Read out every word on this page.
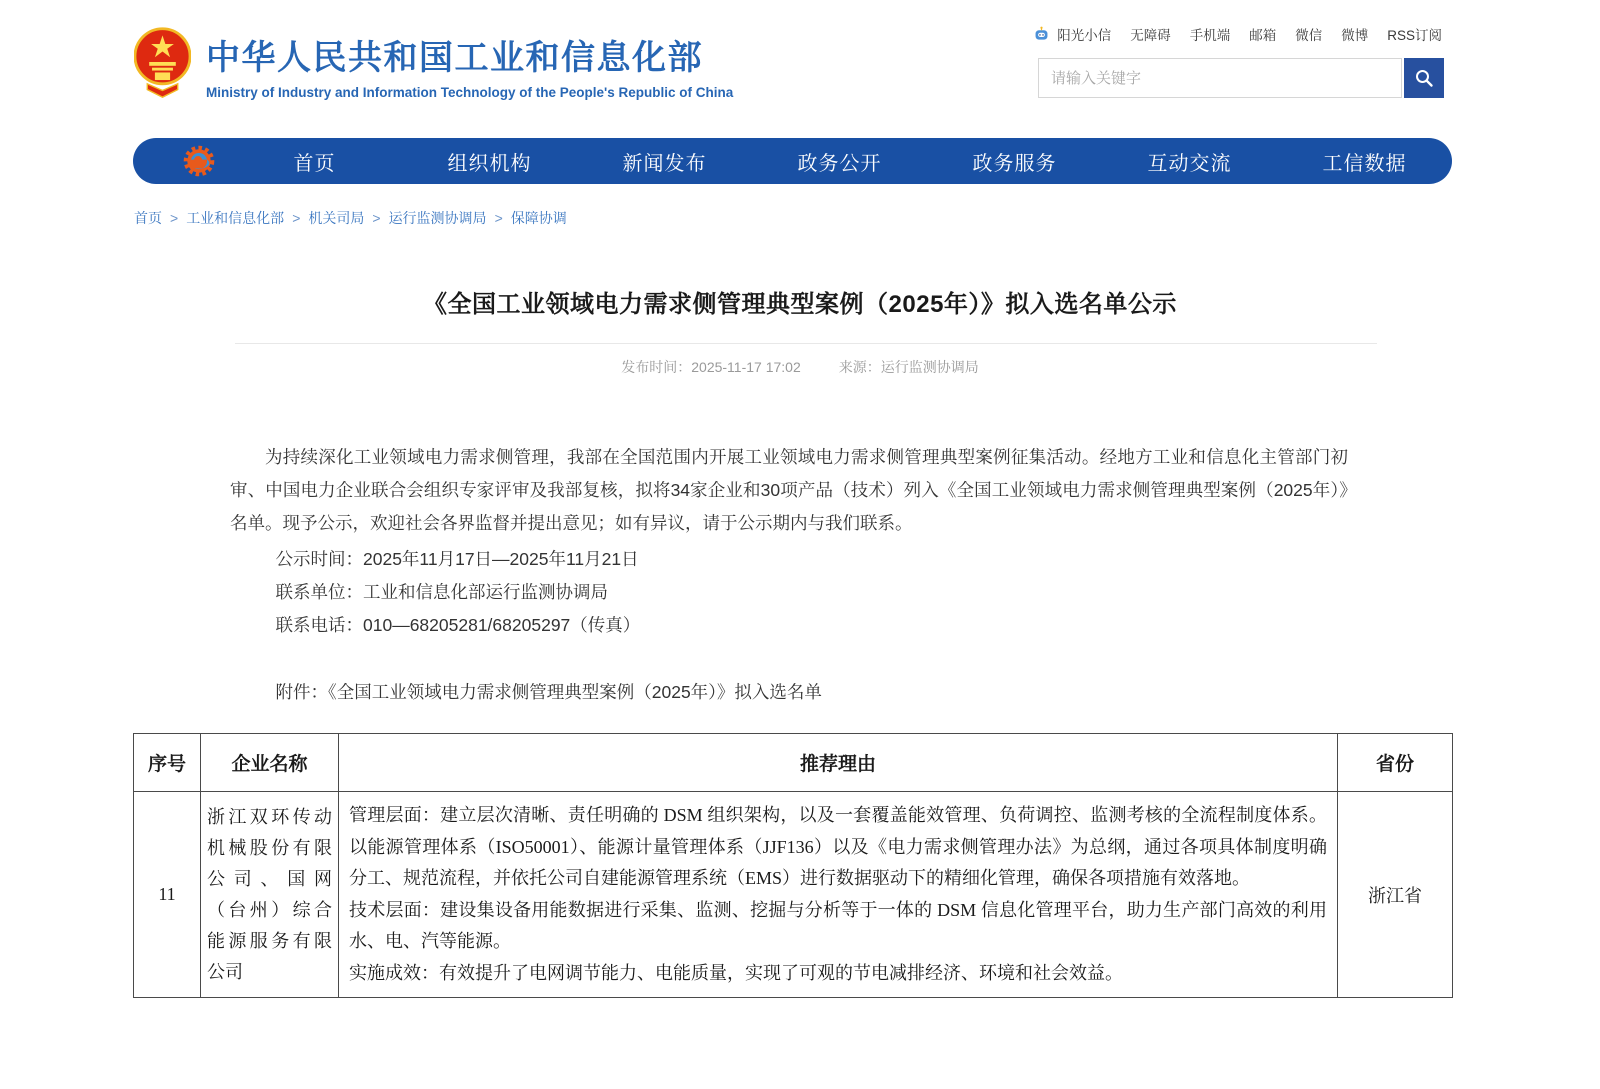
中华人民共和国工业和信息化部
Ministry of Industry and Information Technology of the People's Republic of China
阳光小信 无障碍 手机端 邮箱 微信 微博 RSS订阅
请输入关键字
首页	组织机构	新闻发布	政务公开	政务服务	互动交流	工信数据
首页 > 工业和信息化部 > 机关司局 > 运行监测协调局 > 保障协调
《全国工业领域电力需求侧管理典型案例（2025年）》拟入选名单公示
发布时间：2025-11-17 17:02	来源：运行监测协调局
为持续深化工业领域电力需求侧管理，我部在全国范围内开展工业领域电力需求侧管理典型案例征集活动。经地方工业和信息化主管部门初审、中国电力企业联合会组织专家评审及我部复核，拟将34家企业和30项产品（技术）列入《全国工业领域电力需求侧管理典型案例（2025年）》名单。现予公示，欢迎社会各界监督并提出意见；如有异议，请于公示期内与我们联系。
公示时间：2025年11月17日—2025年11月21日
联系单位：工业和信息化部运行监测协调局
联系电话：010—68205281/68205297（传真）
附件：《全国工业领域电力需求侧管理典型案例（2025年）》拟入选名单
序号	企业名称	推荐理由	省份
11	浙江双环传动机械股份有限公司、国网（台州）综合能源服务有限公司	管理层面：建立层次清晰、责任明确的 DSM 组织架构，以及一套覆盖能效管理、负荷调控、监测考核的全流程制度体系。以能源管理体系（ISO50001）、能源计量管理体系（JJF136）以及《电力需求侧管理办法》为总纲，通过各项具体制度明确分工、规范流程，并依托公司自建能源管理系统（EMS）进行数据驱动下的精细化管理，确保各项措施有效落地。

技术层面：建设集设备用能数据进行采集、监测、挖掘与分析等于一体的 DSM 信息化管理平台，助力生产部门高效的利用水、电、汽等能源。

实施成效：有效提升了电网调节能力、电能质量，实现了可观的节电减排经济、环境和社会效益。	浙江省
